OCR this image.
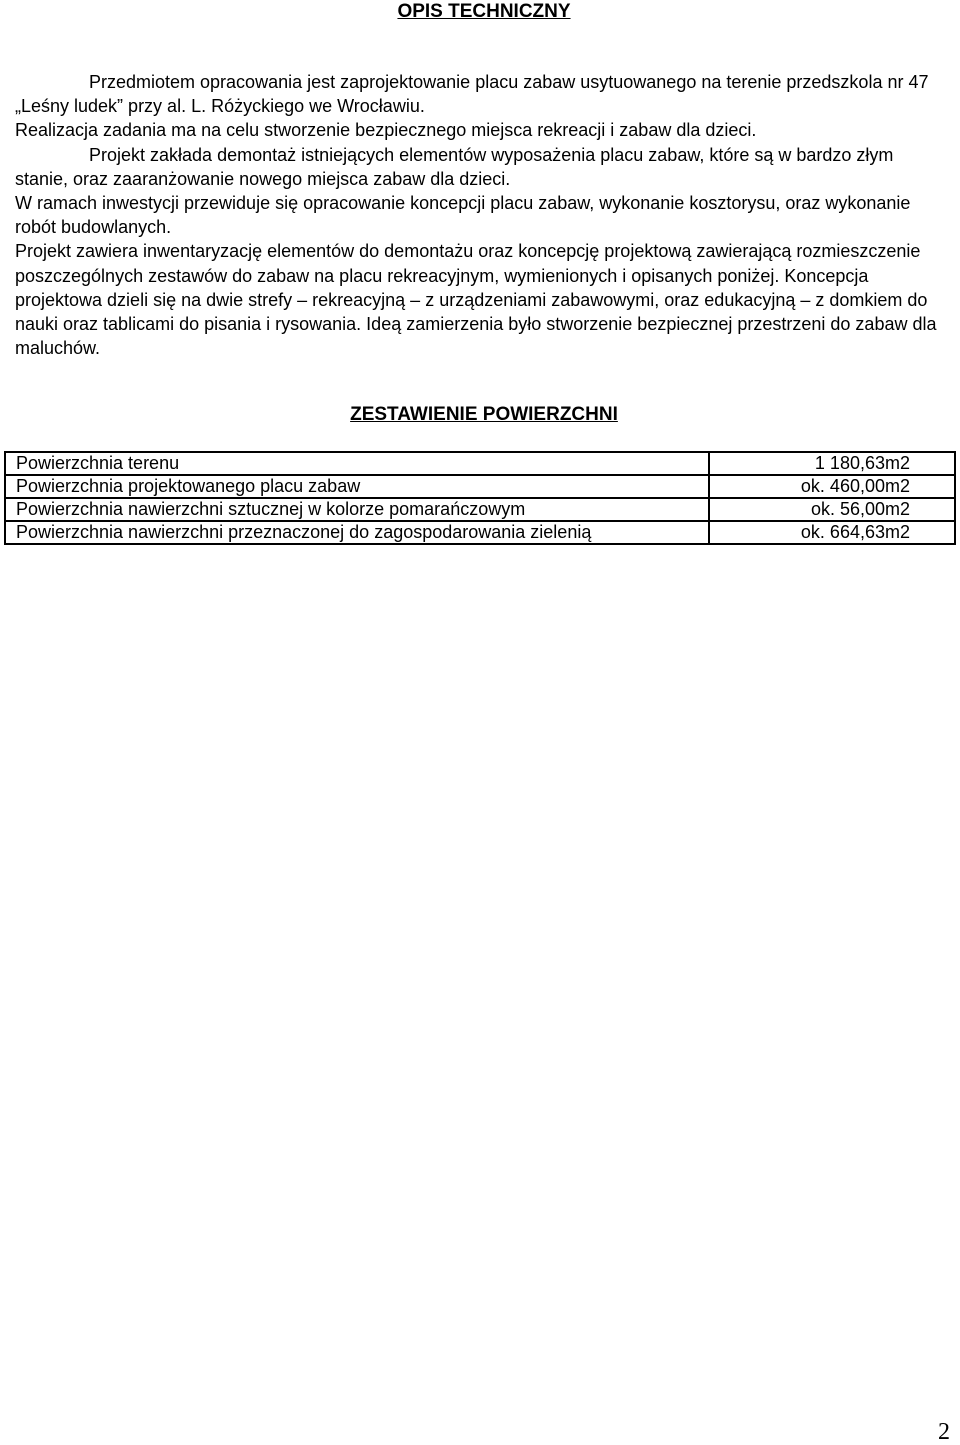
OPIS TECHNICZNY

Przedmiotem opracowania jest zaprojektowanie placu zabaw usytuowanego na terenie przedszkola nr 47 „Leśny ludek” przy al. L. Różyckiego we Wrocławiu.

Realizacja zadania ma na celu stworzenie bezpiecznego miejsca rekreacji i zabaw dla dzieci.

Projekt zakłada demontaż istniejących elementów wyposażenia placu zabaw, które są w bardzo złym stanie, oraz zaaranżowanie nowego miejsca zabaw dla dzieci.

W ramach inwestycji przewiduje się opracowanie koncepcji placu zabaw, wykonanie kosztorysu, oraz wykonanie robót budowlanych.

Projekt zawiera inwentaryzację elementów do demontażu oraz koncepcję projektową zawierającą rozmieszczenie poszczególnych zestawów do zabaw na placu rekreacyjnym, wymienionych i opisanych poniżej. Koncepcja projektowa dzieli się na dwie strefy – rekreacyjną – z urządzeniami zabawowymi, oraz edukacyjną – z domkiem do nauki oraz tablicami do pisania i rysowania. Ideą zamierzenia było stworzenie bezpiecznej przestrzeni do zabaw dla maluchów.

ZESTAWIENIE POWIERZCHNI
Powierzchnia terenu	1 180,63m2
Powierzchnia projektowanego placu zabaw	ok. 460,00m2
Powierzchnia nawierzchni sztucznej w kolorze pomarańczowym	ok. 56,00m2
Powierzchnia nawierzchni przeznaczonej do zagospodarowania zielenią	ok. 664,63m2
2
